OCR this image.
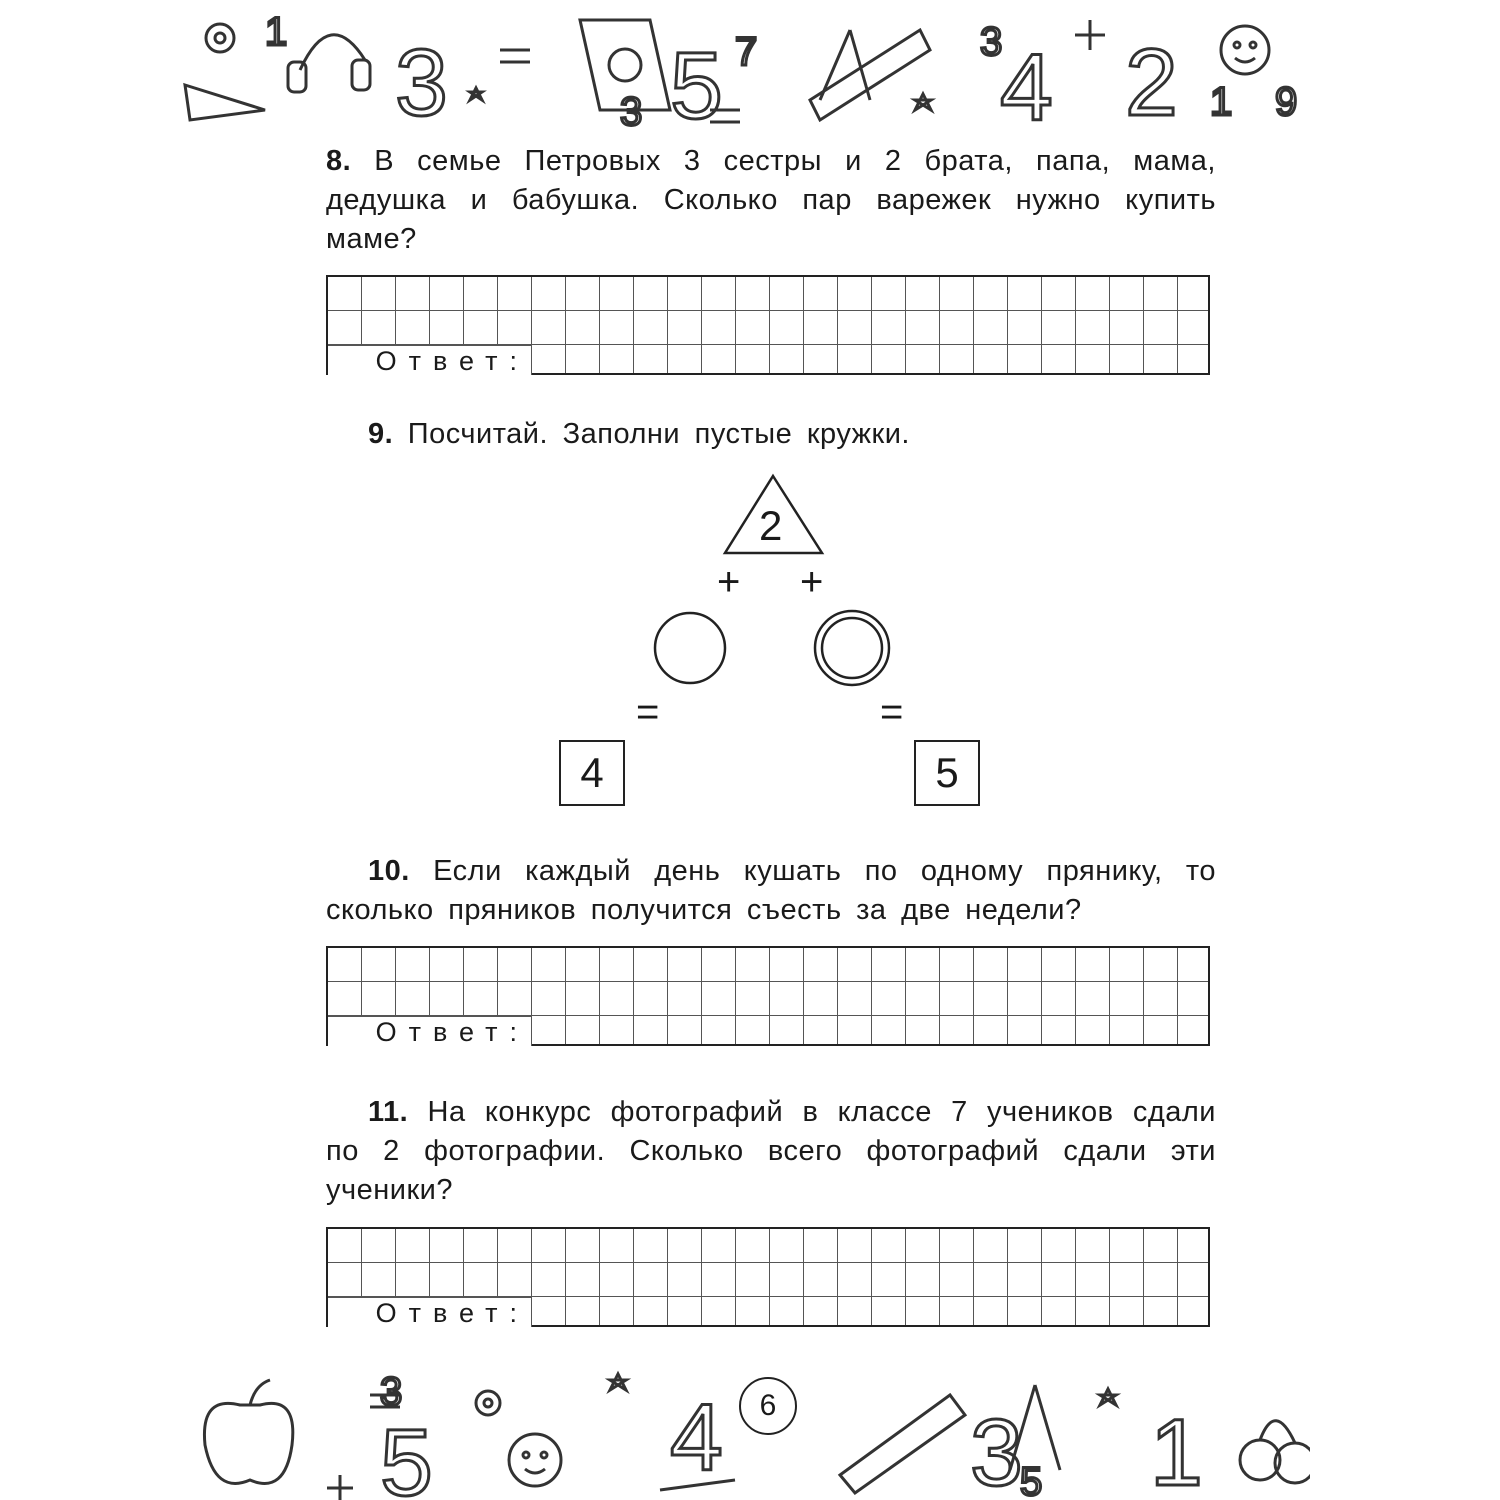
1 3 5 7	3
4 2 1 9
3
8. В семье Петровых 3 сестры и 2 брата, папа, мама, дедушка и бабушка. Сколько пар варежек нужно купить маме?
Ответ:
9. Посчитай. Заполни пустые кружки.
2
+ +
=	=
4	5
10. Если каждый день кушать по одному прянику, то сколько пряников получится съесть за две недели?
Ответ:
11. На конкурс фотографий в классе 7 учеников сдали по 2 фотографии. Сколько всего фотографий сдали эти ученики?
Ответ:
3
5 4	3 1
5
6
